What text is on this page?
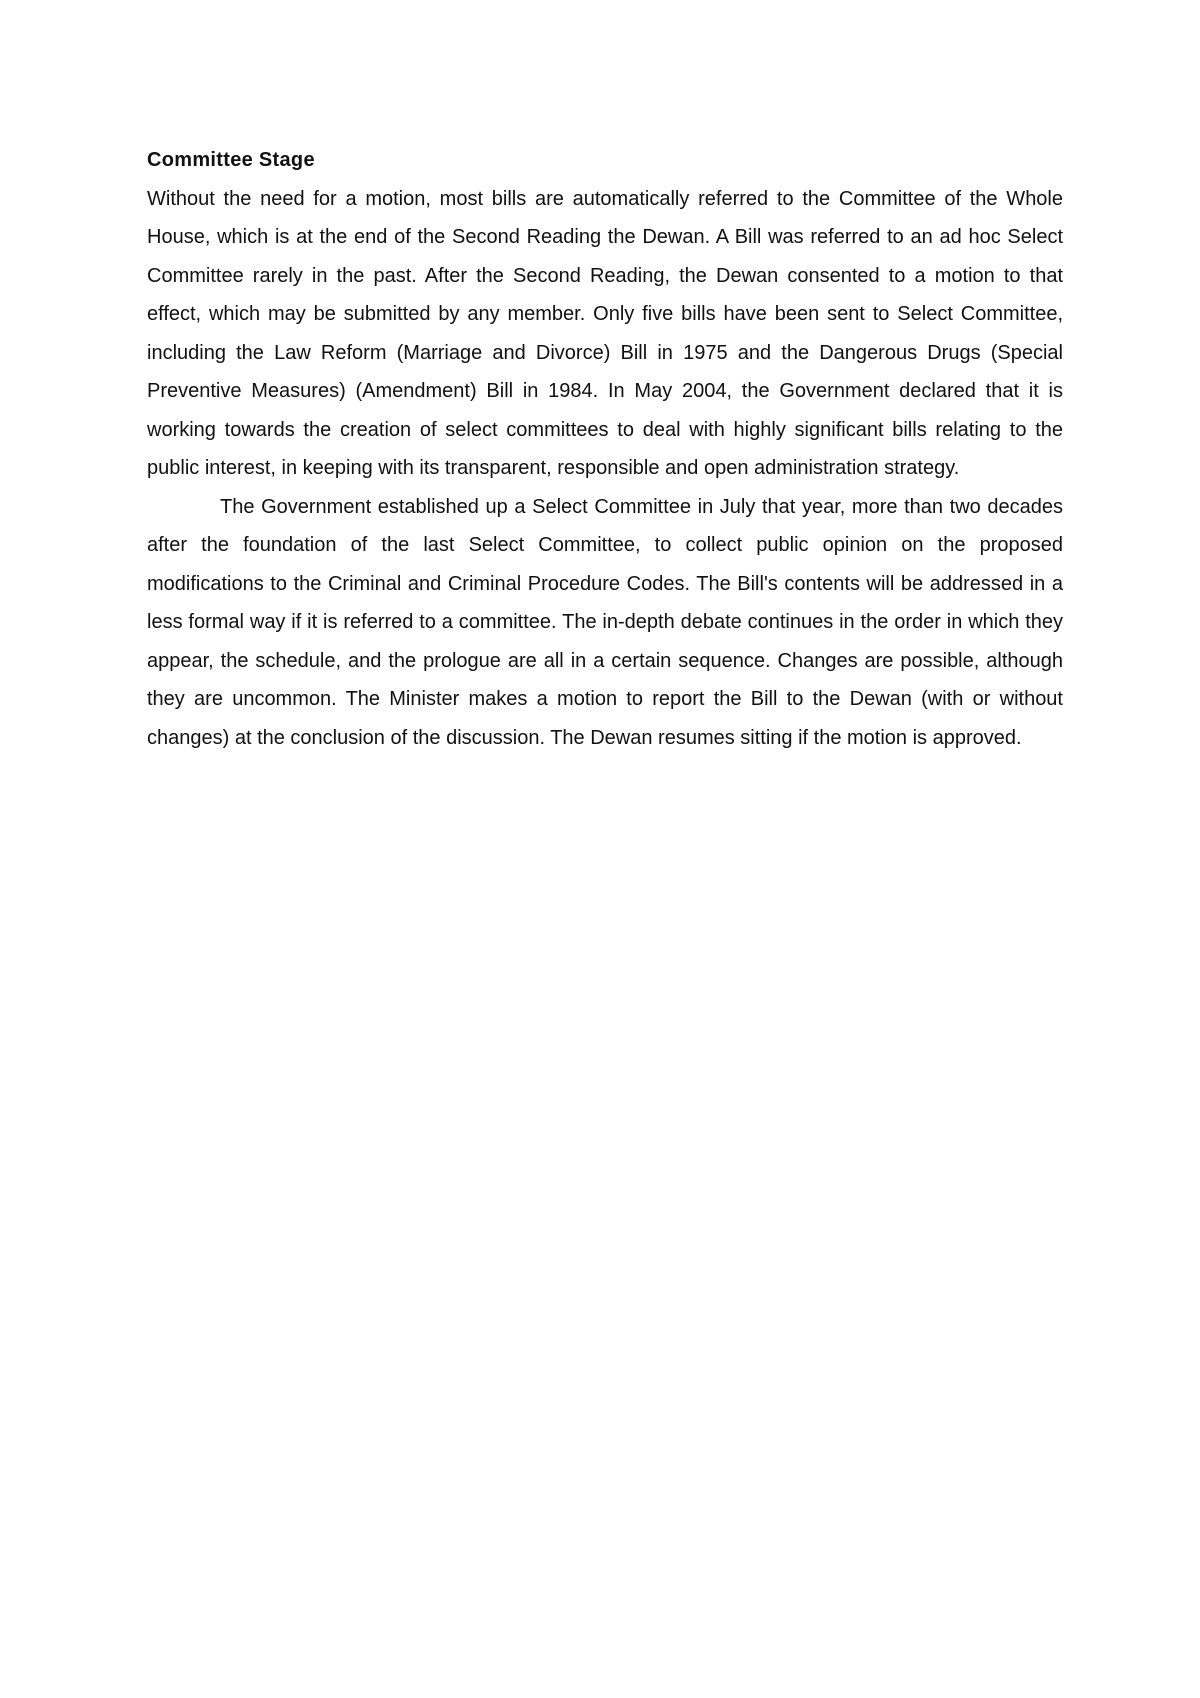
Committee Stage

Without the need for a motion, most bills are automatically referred to the Committee of the Whole House, which is at the end of the Second Reading the Dewan. A Bill was referred to an ad hoc Select Committee rarely in the past. After the Second Reading, the Dewan consented to a motion to that effect, which may be submitted by any member. Only five bills have been sent to Select Committee, including the Law Reform (Marriage and Divorce) Bill in 1975 and the Dangerous Drugs (Special Preventive Measures) (Amendment) Bill in 1984. In May 2004, the Government declared that it is working towards the creation of select committees to deal with highly significant bills relating to the public interest, in keeping with its transparent, responsible and open administration strategy.

The Government established up a Select Committee in July that year, more than two decades after the foundation of the last Select Committee, to collect public opinion on the proposed modifications to the Criminal and Criminal Procedure Codes. The Bill's contents will be addressed in a less formal way if it is referred to a committee. The in-depth debate continues in the order in which they appear, the schedule, and the prologue are all in a certain sequence. Changes are possible, although they are uncommon. The Minister makes a motion to report the Bill to the Dewan (with or without changes) at the conclusion of the discussion. The Dewan resumes sitting if the motion is approved.
